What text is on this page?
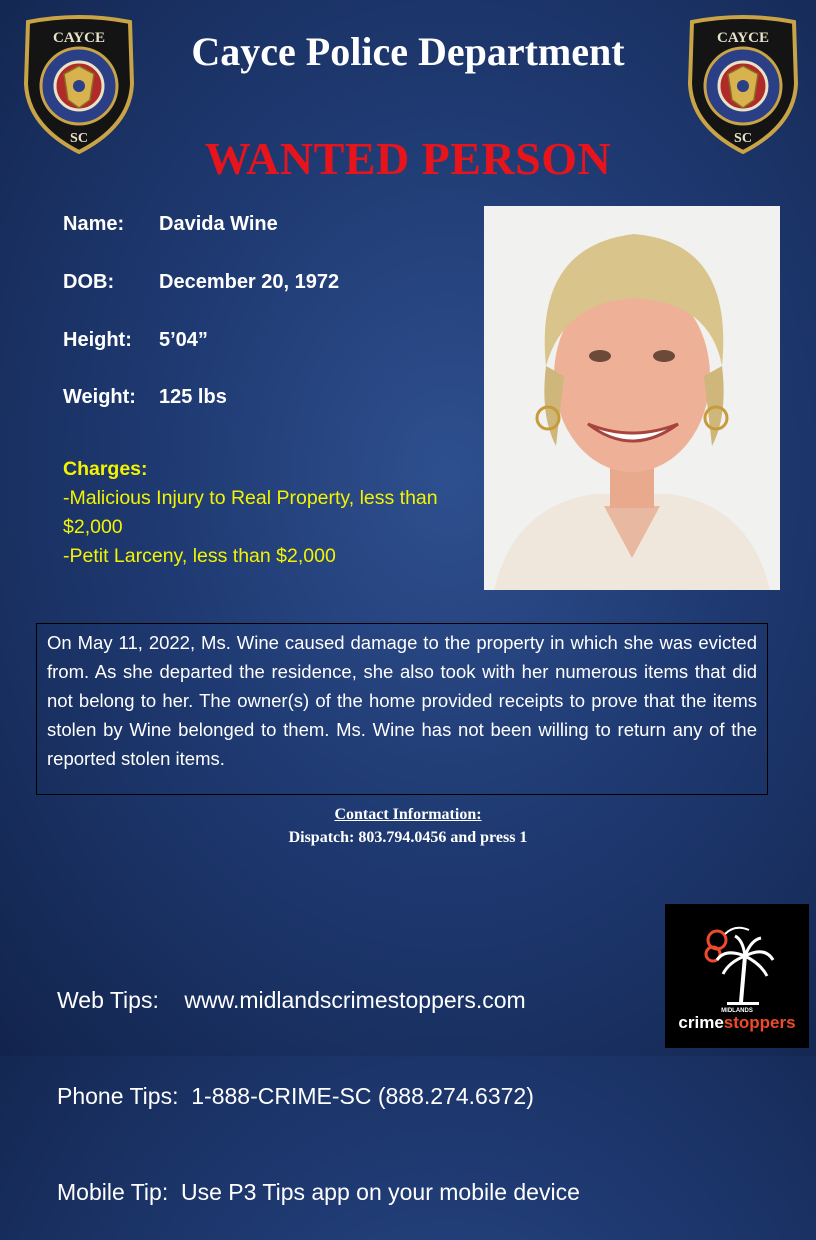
CAYCE
SC
CAYCE
SC
Cayce Police Department
WANTED PERSON
Name: Davida Wine
DOB: December 20, 1972
Height: 5’04”
Weight: 125 lbs
Charges:
-Malicious Injury to Real Property, less than $2,000
-Petit Larceny, less than $2,000
On May 11, 2022, Ms. Wine caused damage to the property in which she was evicted from. As she departed the residence, she also took with her numerous items that did not belong to her. The owner(s) of the home provided receipts to prove that the items stolen by Wine belonged to them. Ms. Wine has not been willing to return any of the reported stolen items.
Contact Information:
Dispatch: 803.794.0456 and press 1

Web Tips:    www.midlandscrimestoppers.com

Phone Tips:  1-888-CRIME-SC (888.274.6372)

Mobile Tip:  Use P3 Tips app on your mobile device

MIDLANDS
crimestoppers
